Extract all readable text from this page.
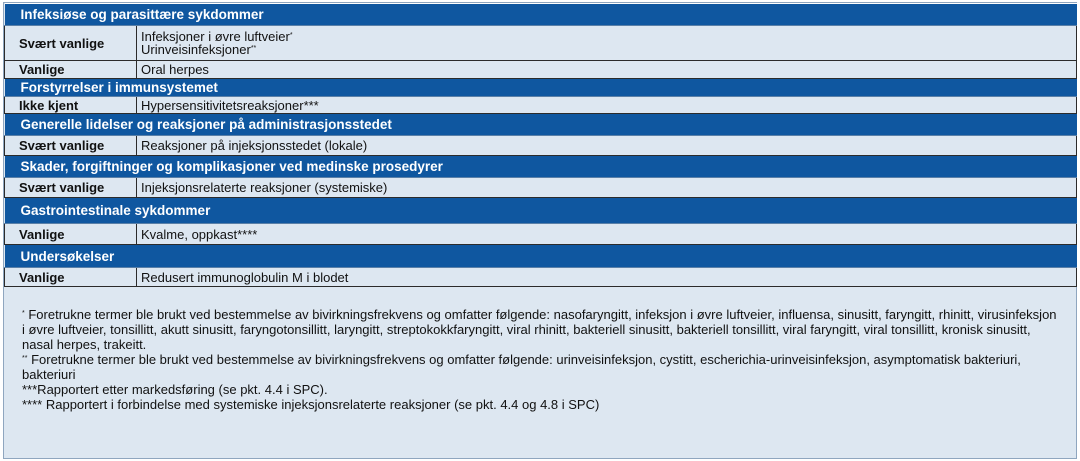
Infeksiøse og parasittære sykdommer	
Svært vanlige	Infeksjoner i øvre luftveier*
Urinveisinfeksjoner**

Vanlige	Oral herpes
Forstyrrelser i immunsystemet	
Ikke kjent	Hypersensitivitetsreaksjoner***
Generelle lidelser og reaksjoner på administrasjonsstedet	
Svært vanlige	Reaksjoner på injeksjonsstedet (lokale)
Skader, forgiftninger og komplikasjoner ved medinske prosedyrer	
Svært vanlige	Injeksjonsrelaterte reaksjoner (systemiske)
Gastrointestinale sykdommer	
Vanlige	Kvalme, oppkast****
Undersøkelser	
Vanlige	Redusert immunoglobulin M i blodet

* Foretrukne termer ble brukt ved bestemmelse av bivirkningsfrekvens og omfatter følgende: nasofaryngitt, infeksjon i øvre luftveier, influensa, sinusitt, faryngitt, rhinitt, virusinfeksjon i øvre luftveier, tonsillitt, akutt sinusitt, faryngotonsillitt, laryngitt, streptokokkfaryngitt, viral rhinitt, bakteriell sinusitt, bakteriell tonsillitt, viral faryngitt, viral tonsillitt, kronisk sinusitt, nasal herpes, trakeitt.

** Foretrukne termer ble brukt ved bestemmelse av bivirkningsfrekvens og omfatter følgende: urinveisinfeksjon, cystitt, escherichia-urinveisinfeksjon, asymptomatisk bakteriuri, bakteriuri

***Rapportert etter markedsføring (se pkt. 4.4 i SPC).

**** Rapportert i forbindelse med systemiske injeksjonsrelaterte reaksjoner (se pkt. 4.4 og 4.8 i SPC)
